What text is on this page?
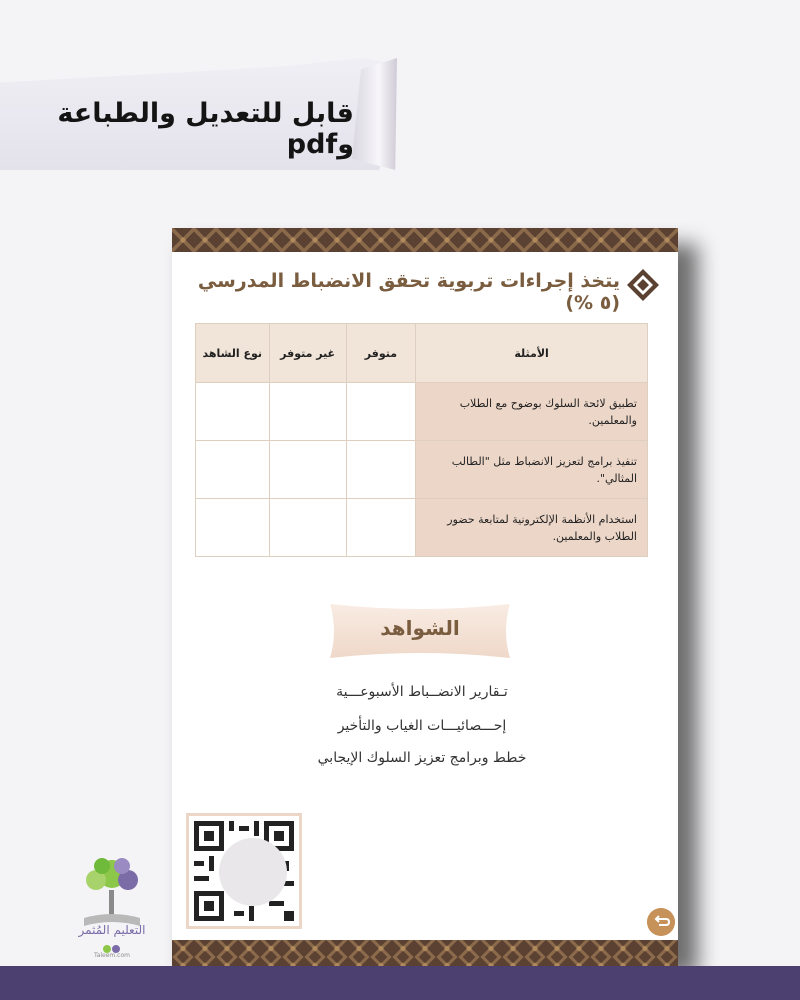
قابل للتعديل والطباعة وpdf
يتخذ إجراءات تربوية تحقق الانضباط المدرسي (٥ %)
الأمثلة	متوفر	غير متوفر	نوع الشاهد
تطبيق لائحة السلوك بوضوح مع الطلاب والمعلمين.			
تنفيذ برامج لتعزيز الانضباط مثل "الطالب المثالي".			
استخدام الأنظمة الإلكترونية لمتابعة حضور الطلاب والمعلمين.			
الشواهد
تـقارير الانضــباط الأسبوعـــية
إحـــصائيـــات الغياب والتأخير
خطط وبرامج تعزيز السلوك الإيجابي
التعليم المُثمر
Taleem.com
